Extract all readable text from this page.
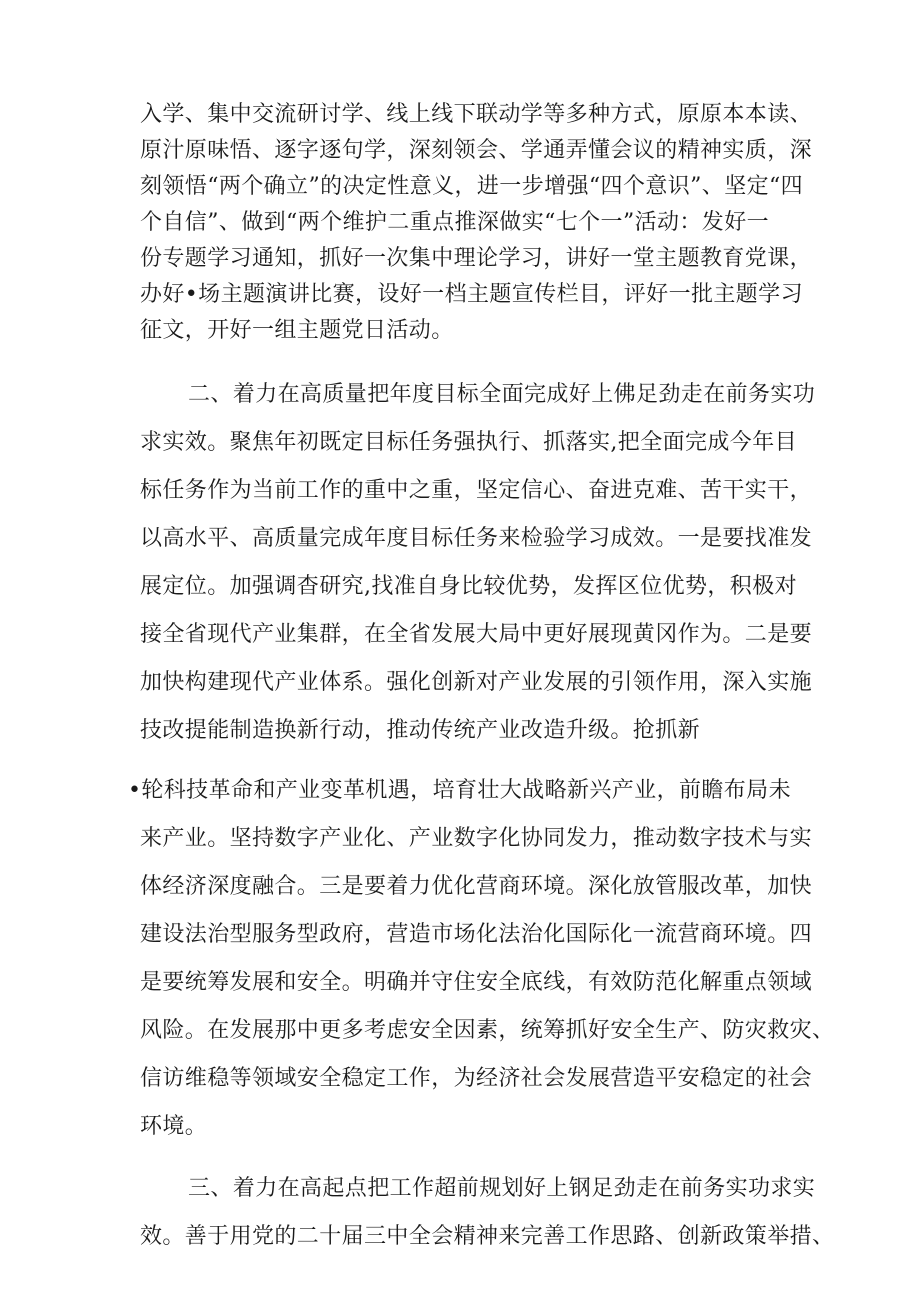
入学、集中交流研讨学、线上线下联动学等多种方式，原原本本读、
原汁原味悟、逐字逐句学，深刻领会、学通弄懂会议的精神实质，深
刻领悟“两个确立”的决定性意义，进一步增强“四个意识”、坚定“四
个自信”、做到“两个维护二重点推深做实“七个一”活动：发好一
份专题学习通知，抓好一次集中理论学习，讲好一堂主题教育党课，
办好•场主题演讲比赛，设好一档主题宣传栏目，评好一批主题学习
征文，开好一组主题党日活动。
二、着力在高质量把年度目标全面完成好上佛足劲走在前务实功
求实效。聚焦年初既定目标任务强执行、抓落实,把全面完成今年目
标任务作为当前工作的重中之重，坚定信心、奋进克难、苦干实干，
以高水平、高质量完成年度目标任务来检验学习成效。一是要找准发
展定位。加强调杳研究,找准自身比较优势，发挥区位优势，积极对
接全省现代产业集群，在全省发展大局中更好展现黄冈作为。二是要
加快构建现代产业体系。强化创新对产业发展的引领作用，深入实施
技改提能制造换新行动，推动传统产业改造升级。抢抓新
•轮科技革命和产业变革机遇，培育壮大战略新兴产业，前瞻布局未
来产业。坚持数字产业化、产业数字化协同发力，推动数字技术与实
体经济深度融合。三是要着力优化营商环境。深化放管服改革，加快
建设法治型服务型政府，营造市场化法治化国际化一流营商环境。四
是要统筹发展和安全。明确并守住安全底线，有效防范化解重点领域
风险。在发展那中更多考虑安全因素，统筹抓好安全生产、防灾救灾、
信访维稳等领域安全稳定工作，为经济社会发展营造平安稳定的社会
环境。
三、着力在高起点把工作超前规划好上钢足劲走在前务实功求实
效。善于用党的二十届三中全会精神来完善工作思路、创新政策举措、
